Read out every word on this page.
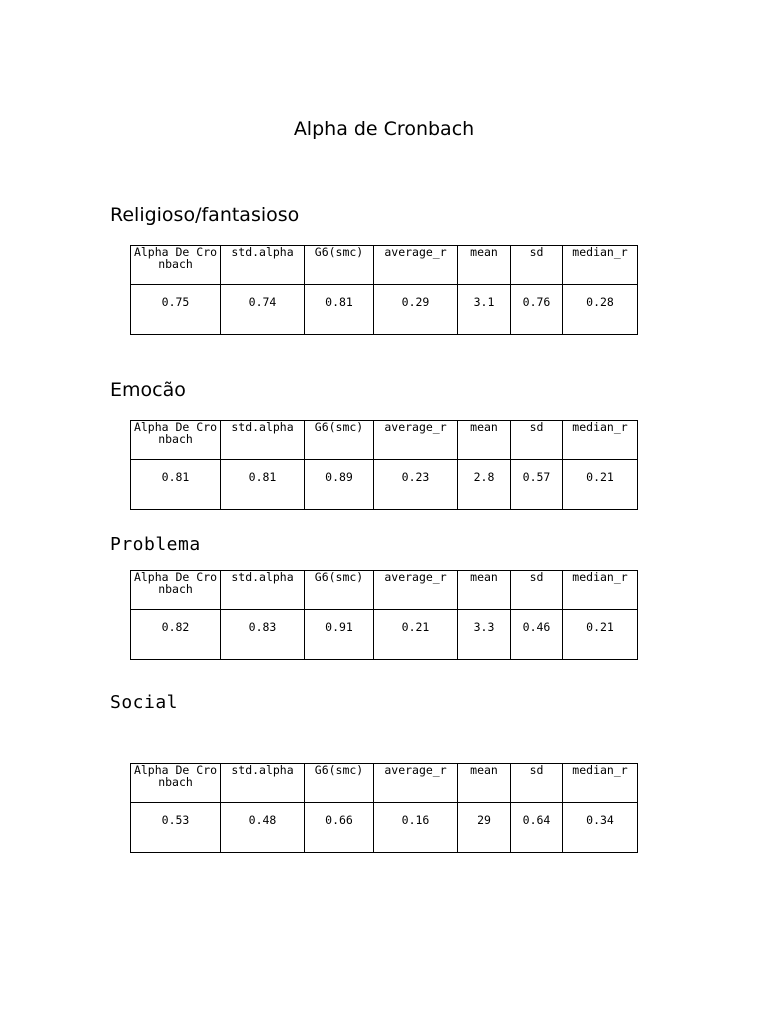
Alpha de Cronbach
Religioso/fantasioso
Alpha De Cronbach	std.alpha	G6(smc)	average_r	mean	sd	median_r
0.75	0.74	0.81	0.29	3.1	0.76	0.28
Emocão
Alpha De Cronbach	std.alpha	G6(smc)	average_r	mean	sd	median_r
0.81	0.81	0.89	0.23	2.8	0.57	0.21
Problema
Alpha De Cronbach	std.alpha	G6(smc)	average_r	mean	sd	median_r
0.82	0.83	0.91	0.21	3.3	0.46	0.21
Social
Alpha De Cronbach	std.alpha	G6(smc)	average_r	mean	sd	median_r
0.53	0.48	0.66	0.16	29	0.64	0.34
